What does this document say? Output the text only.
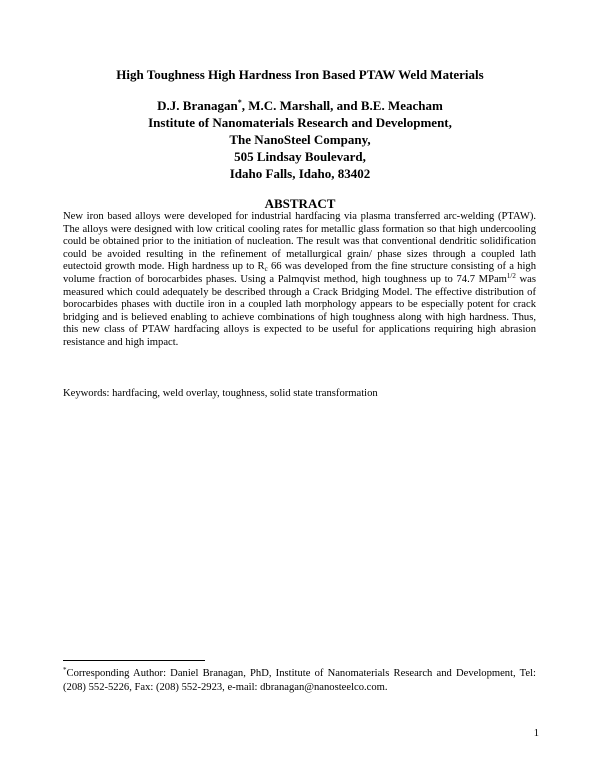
High Toughness High Hardness Iron Based PTAW Weld Materials
D.J. Branagan*, M.C. Marshall, and B.E. Meacham
Institute of Nanomaterials Research and Development,
The NanoSteel Company,
505 Lindsay Boulevard,
Idaho Falls, Idaho, 83402
ABSTRACT
New iron based alloys were developed for industrial hardfacing via plasma transferred arc-welding (PTAW). The alloys were designed with low critical cooling rates for metallic glass formation so that high undercooling could be obtained prior to the initiation of nucleation. The result was that conventional dendritic solidification could be avoided resulting in the refinement of metallurgical grain/ phase sizes through a coupled lath eutectoid growth mode. High hardness up to $R_c$ 66 was developed from the fine structure consisting of a high volume fraction of borocarbides phases. Using a Palmqvist method, high toughness up to 74.7 MPam$^{1/2}$ was measured which could adequately be described through a Crack Bridging Model. The effective distribution of borocarbides phases with ductile iron in a coupled lath morphology appears to be especially potent for crack bridging and is believed enabling to achieve combinations of high toughness along with high hardness. Thus, this new class of PTAW hardfacing alloys is expected to be useful for applications requiring high abrasion resistance and high impact.
Keywords: hardfacing, weld overlay, toughness, solid state transformation
*Corresponding Author: Daniel Branagan, PhD, Institute of Nanomaterials Research and Development, Tel: (208) 552-5226, Fax: (208) 552-2923, e-mail: dbranagan@nanosteelco.com.
1
